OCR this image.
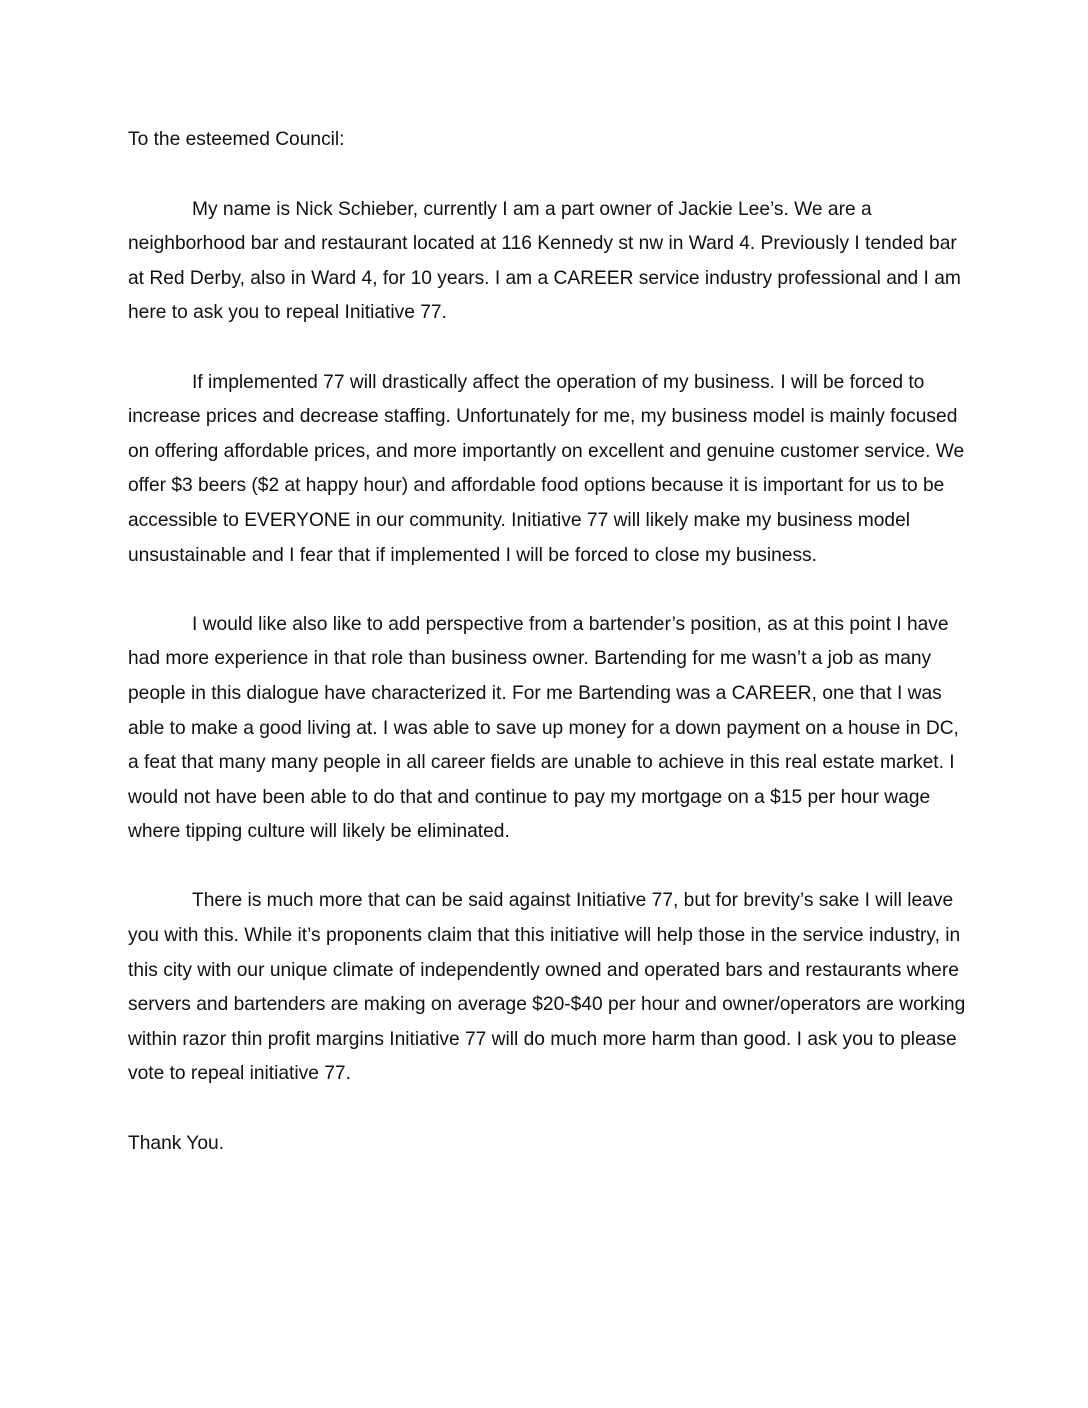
To the esteemed Council:

My name is Nick Schieber, currently I am a part owner of Jackie Lee’s. We are a neighborhood bar and restaurant located at 116 Kennedy st nw in Ward 4. Previously I tended bar at Red Derby, also in Ward 4, for 10 years. I am a CAREER service industry professional and I am here to ask you to repeal Initiative 77.

If implemented 77 will drastically affect the operation of my business. I will be forced to increase prices and decrease staffing. Unfortunately for me, my business model is mainly focused on offering affordable prices, and more importantly on excellent and genuine customer service. We offer $3 beers ($2 at happy hour) and affordable food options because it is important for us to be accessible to EVERYONE in our community. Initiative 77 will likely make my business model unsustainable and I fear that if implemented I will be forced to close my business.

I would like also like to add perspective from a bartender’s position, as at this point I have had more experience in that role than business owner. Bartending for me wasn’t a job as many people in this dialogue have characterized it. For me Bartending was a CAREER, one that I was able to make a good living at. I was able to save up money for a down payment on a house in DC, a feat that many many people in all career fields are unable to achieve in this real estate market. I would not have been able to do that and continue to pay my mortgage on a $15 per hour wage where tipping culture will likely be eliminated.

There is much more that can be said against Initiative 77, but for brevity’s sake I will leave you with this. While it’s proponents claim that this initiative will help those in the service industry, in this city with our unique climate of independently owned and operated bars and restaurants where servers and bartenders are making on average $20-$40 per hour and owner/operators are working within razor thin profit margins Initiative 77 will do much more harm than good. I ask you to please vote to repeal initiative 77.

Thank You.
